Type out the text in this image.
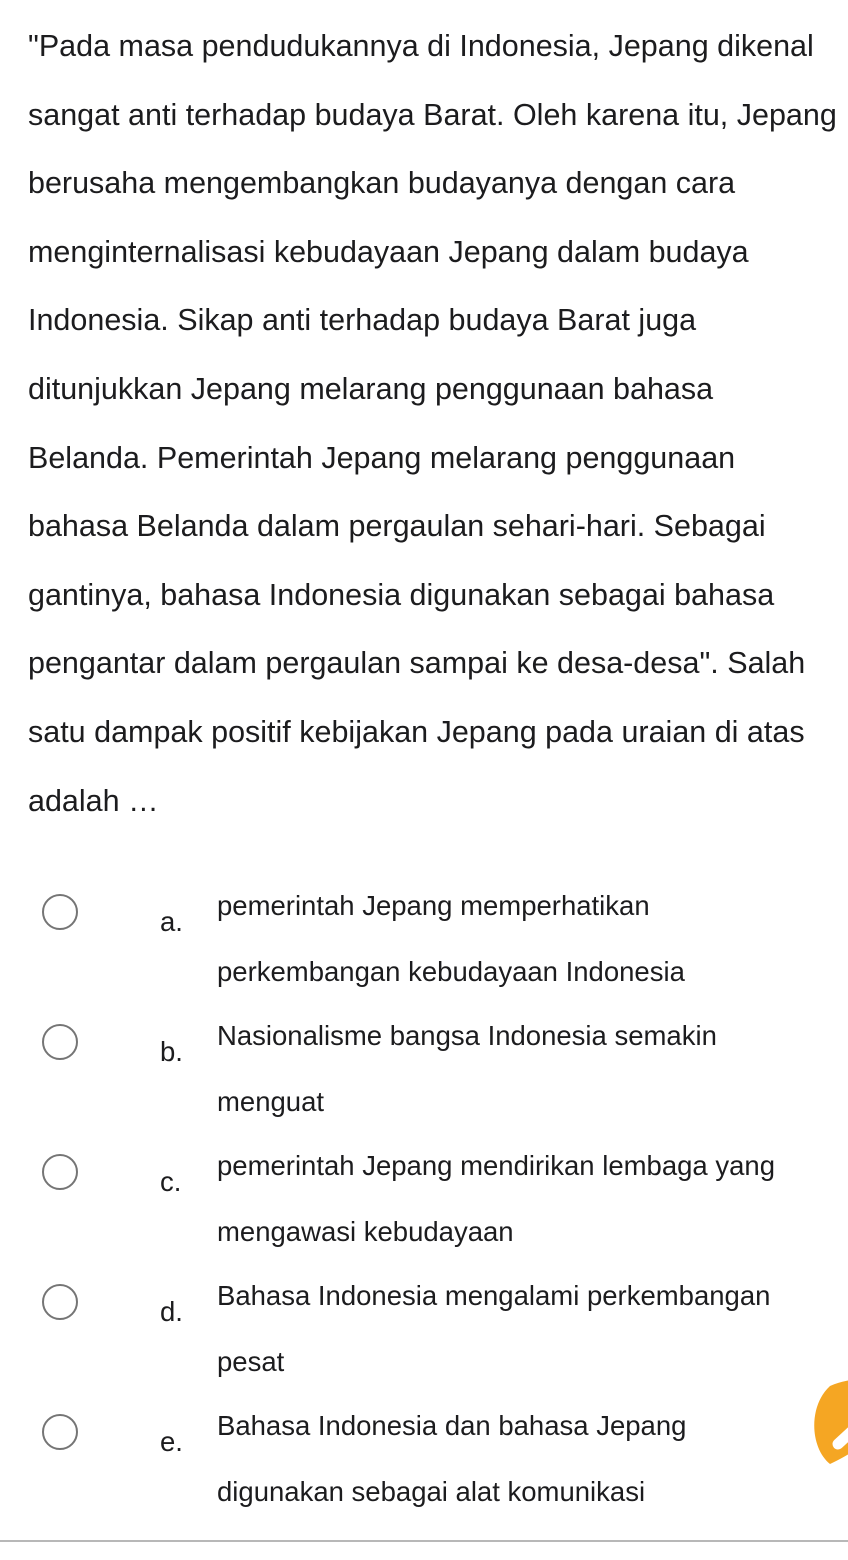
"Pada masa pendudukannya di Indonesia, Jepang dikenal sangat anti terhadap budaya Barat. Oleh karena itu, Jepang berusaha mengembangkan budayanya dengan cara menginternalisasi kebudayaan Jepang dalam budaya Indonesia. Sikap anti terhadap budaya Barat juga ditunjukkan Jepang melarang penggunaan bahasa Belanda. Pemerintah Jepang melarang penggunaan bahasa Belanda dalam pergaulan sehari-hari. Sebagai gantinya, bahasa Indonesia digunakan sebagai bahasa pengantar dalam pergaulan sampai ke desa-desa". Salah satu dampak positif kebijakan Jepang pada uraian di atas adalah …

a.
pemerintah Jepang memperhatikan perkembangan kebudayaan Indonesia
b.
Nasionalisme bangsa Indonesia semakin menguat
c.
pemerintah Jepang mendirikan lembaga yang mengawasi kebudayaan
d.
Bahasa Indonesia mengalami perkembangan pesat
e.
Bahasa Indonesia dan bahasa Jepang digunakan sebagai alat komunikasi
